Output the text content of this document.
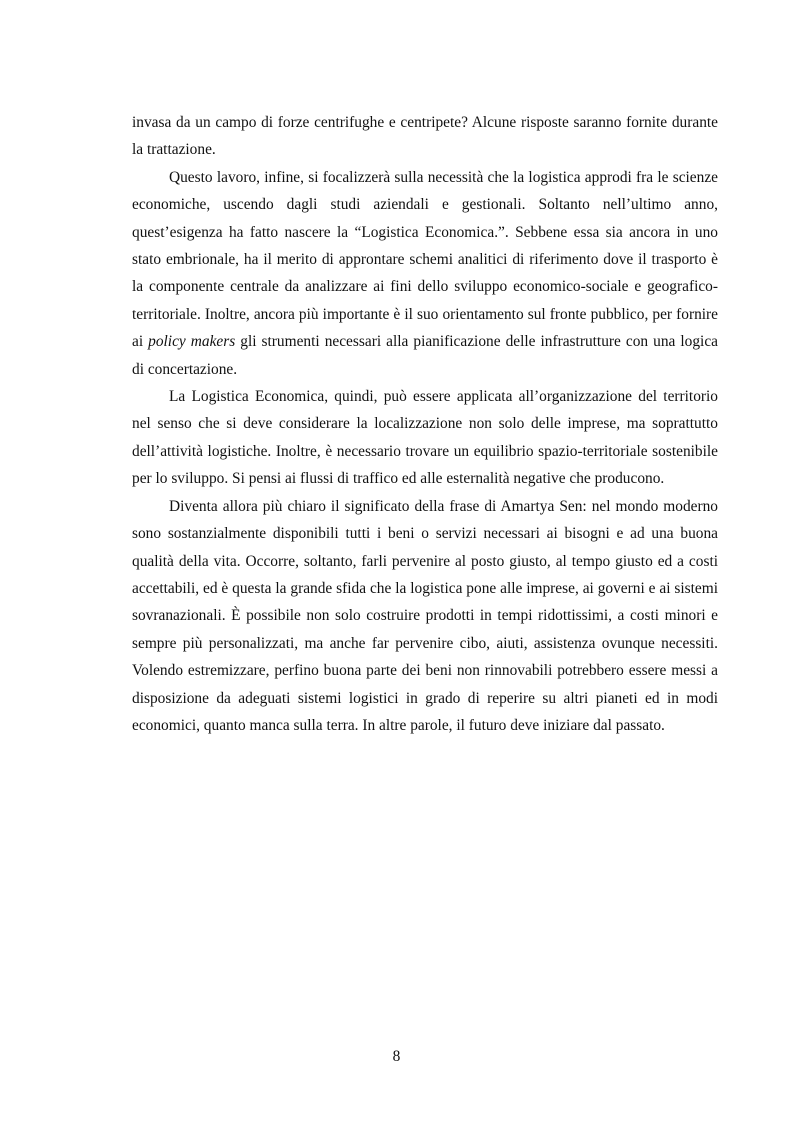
invasa da un campo di forze centrifughe e centripete? Alcune risposte saranno fornite durante la trattazione.

Questo lavoro, infine, si focalizzerà sulla necessità che la logistica approdi fra le scienze economiche, uscendo dagli studi aziendali e gestionali. Soltanto nell’ultimo anno, quest’esigenza ha fatto nascere la “Logistica Economica.”. Sebbene essa sia ancora in uno stato embrionale, ha il merito di approntare schemi analitici di riferimento dove il trasporto è la componente centrale da analizzare ai fini dello sviluppo economico-sociale e geografico-territoriale. Inoltre, ancora più importante è il suo orientamento sul fronte pubblico, per fornire ai policy makers gli strumenti necessari alla pianificazione delle infrastrutture con una logica di concertazione.

La Logistica Economica, quindi, può essere applicata all’organizzazione del territorio nel senso che si deve considerare la localizzazione non solo delle imprese, ma soprattutto dell’attività logistiche. Inoltre, è necessario trovare un equilibrio spazio-territoriale sostenibile per lo sviluppo. Si pensi ai flussi di traffico ed alle esternalità negative che producono.

Diventa allora più chiaro il significato della frase di Amartya Sen: nel mondo moderno sono sostanzialmente disponibili tutti i beni o servizi necessari ai bisogni e ad una buona qualità della vita. Occorre, soltanto, farli pervenire al posto giusto, al tempo giusto ed a costi accettabili, ed è questa la grande sfida che la logistica pone alle imprese, ai governi e ai sistemi sovranazionali. È possibile non solo costruire prodotti in tempi ridottissimi, a costi minori e sempre più personalizzati, ma anche far pervenire cibo, aiuti, assistenza ovunque necessiti. Volendo estremizzare, perfino buona parte dei beni non rinnovabili potrebbero essere messi a disposizione da adeguati sistemi logistici in grado di reperire su altri pianeti ed in modi economici, quanto manca sulla terra. In altre parole, il futuro deve iniziare dal passato.

8
